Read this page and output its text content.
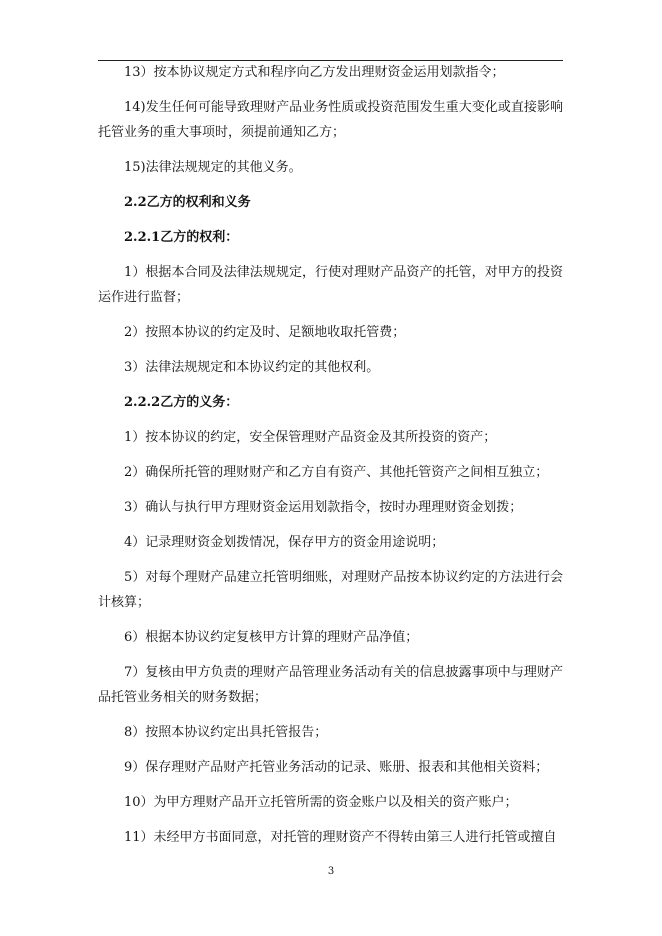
13）按本协议规定方式和程序向乙方发出理财资金运用划款指令；

14)发生任何可能导致理财产品业务性质或投资范围发生重大变化或直接影响托管业务的重大事项时，须提前通知乙方；

15)法律法规规定的其他义务。

2.2乙方的权利和义务

2.2.1乙方的权利：

1）根据本合同及法律法规规定，行使对理财产品资产的托管，对甲方的投资运作进行监督；

2）按照本协议的约定及时、足额地收取托管费；

3）法律法规规定和本协议约定的其他权利。

2.2.2乙方的义务：

1）按本协议的约定，安全保管理财产品资金及其所投资的资产；

2）确保所托管的理财财产和乙方自有资产、其他托管资产之间相互独立；

3）确认与执行甲方理财资金运用划款指令，按时办理理财资金划拨；

4）记录理财资金划拨情况，保存甲方的资金用途说明；

5）对每个理财产品建立托管明细账，对理财产品按本协议约定的方法进行会计核算；

6）根据本协议约定复核甲方计算的理财产品净值；

7）复核由甲方负责的理财产品管理业务活动有关的信息披露事项中与理财产品托管业务相关的财务数据；

8）按照本协议约定出具托管报告；

9）保存理财产品财产托管业务活动的记录、账册、报表和其他相关资料；

10）为甲方理财产品开立托管所需的资金账户以及相关的资产账户；

11）未经甲方书面同意，对托管的理财资产不得转由第三人进行托管或擅自

3
